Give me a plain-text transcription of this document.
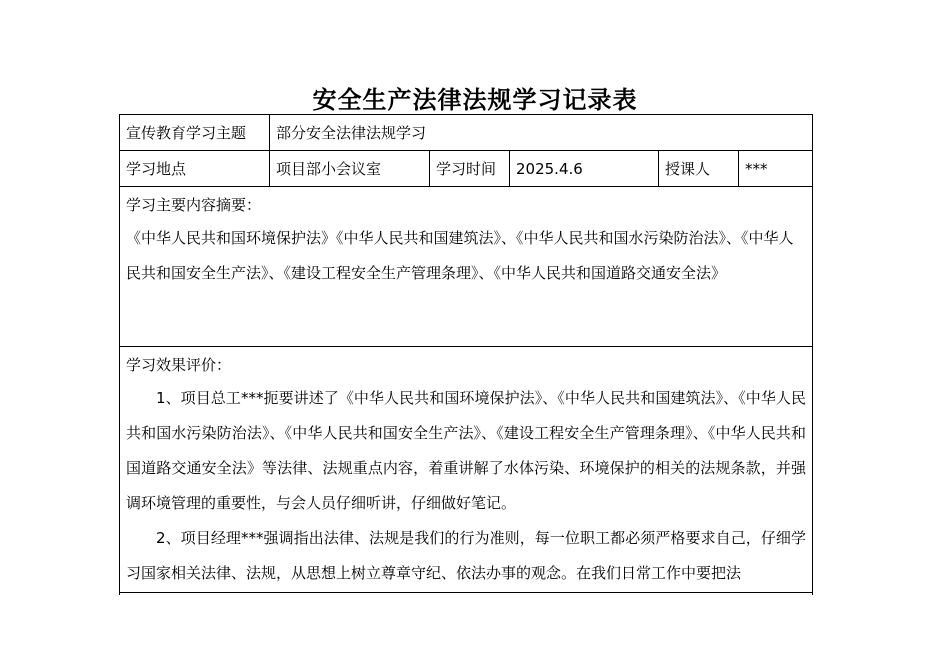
安全生产法律法规学习记录表
宣传教育学习主题	部分安全法律法规学习
学习地点	项目部小会议室	学习时间	2025.4.6	授课人	***
学习主要内容摘要：

《中华人民共和国环境保护法》《中华人民共和国建筑法》、《中华人民共和国水污染防治法》、《中华人民共和国安全生产法》、《建设工程安全生产管理条理》、《中华人民共和国道路交通安全法》

学习效果评价：

1、项目总工***扼要讲述了《中华人民共和国环境保护法》、《中华人民共和国建筑法》、《中华人民共和国水污染防治法》、《中华人民共和国安全生产法》、《建设工程安全生产管理条理》、《中华人民共和国道路交通安全法》等法律、法规重点内容，着重讲解了水体污染、环境保护的相关的法规条款，并强调环境管理的重要性，与会人员仔细听讲，仔细做好笔记。

2、项目经理***强调指出法律、法规是我们的行为准则，每一位职工都必须严格要求自己，仔细学习国家相关法律、法规，从思想上树立尊章守纪、依法办事的观念。在我们日常工作中要把法
